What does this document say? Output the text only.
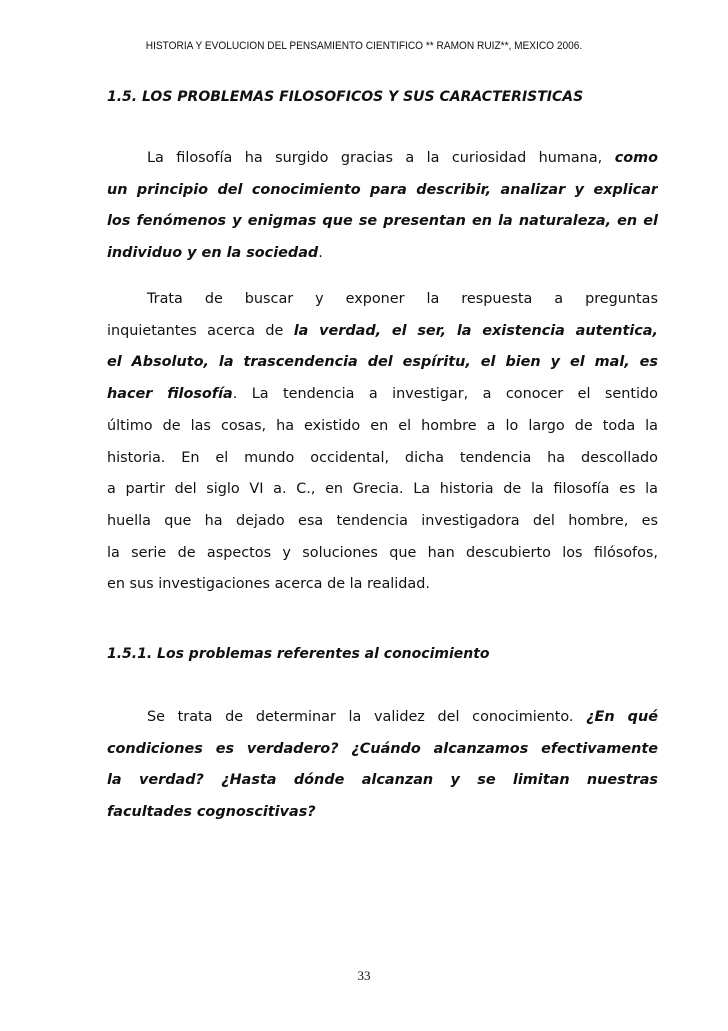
HISTORIA Y EVOLUCION DEL PENSAMIENTO CIENTIFICO ** RAMON RUIZ**, MEXICO 2006.
1.5. LOS PROBLEMAS FILOSOFICOS Y SUS CARACTERISTICAS
La filosofía ha surgido gracias a la curiosidad humana, como
un principio del conocimiento para describir, analizar y explicar
los fenómenos y enigmas que se presentan en la naturaleza, en el
individuo y en la sociedad.
Trata de buscar y exponer la respuesta a preguntas
inquietantes acerca de la verdad, el ser, la existencia autentica,
el Absoluto, la trascendencia del espíritu, el bien y el mal, es
hacer filosofía. La tendencia a investigar, a conocer el sentido
último de las cosas, ha existido en el hombre a lo largo de toda la
historia. En el mundo occidental, dicha tendencia ha descollado
a partir del siglo VI a. C., en Grecia. La historia de la filosofía es la
huella que ha dejado esa tendencia investigadora del hombre, es
la serie de aspectos y soluciones que han descubierto los filósofos,
en sus investigaciones acerca de la realidad.
1.5.1. Los problemas referentes al conocimiento
Se trata de determinar la validez del conocimiento. ¿En qué
condiciones es verdadero? ¿Cuándo alcanzamos efectivamente
la verdad? ¿Hasta dónde alcanzan y se limitan nuestras
facultades cognoscitivas?
33
